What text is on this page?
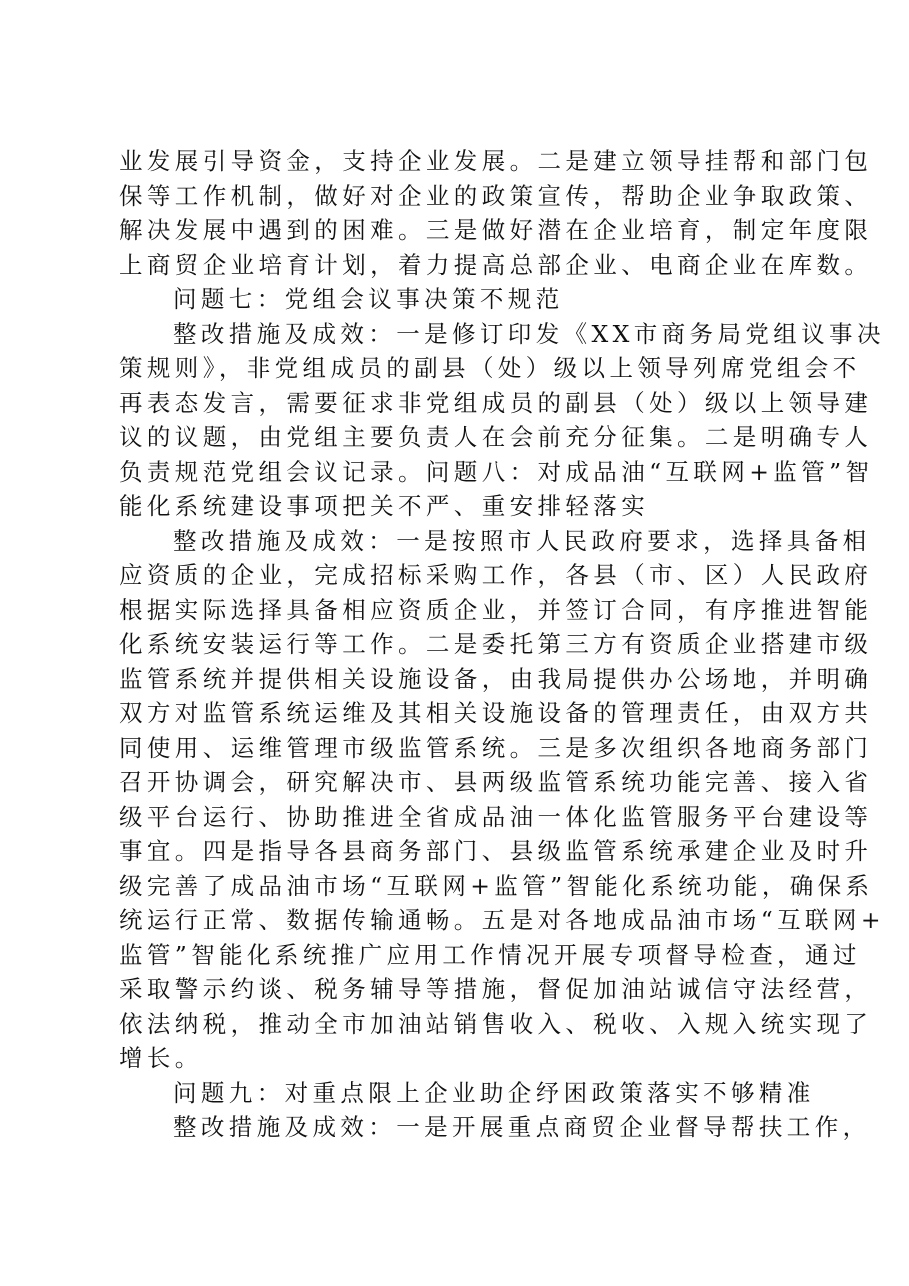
业发展引导资金，支持企业发展。二是建立领导挂帮和部门包
保等工作机制，做好对企业的政策宣传，帮助企业争取政策、
解决发展中遇到的困难。三是做好潜在企业培育，制定年度限
上商贸企业培育计划，着力提高总部企业、电商企业在库数。
问题七：党组会议事决策不规范
整改措施及成效：一是修订印发《XX市商务局党组议事决
策规则》，非党组成员的副县（处）级以上领导列席党组会不
再表态发言，需要征求非党组成员的副县（处）级以上领导建
议的议题，由党组主要负责人在会前充分征集。二是明确专人
负责规范党组会议记录。问题八：对成品油“互联网+监管”智
能化系统建设事项把关不严、重安排轻落实
整改措施及成效：一是按照市人民政府要求，选择具备相
应资质的企业，完成招标采购工作，各县（市、区）人民政府
根据实际选择具备相应资质企业，并签订合同，有序推进智能
化系统安装运行等工作。二是委托第三方有资质企业搭建市级
监管系统并提供相关设施设备，由我局提供办公场地，并明确
双方对监管系统运维及其相关设施设备的管理责任，由双方共
同使用、运维管理市级监管系统。三是多次组织各地商务部门
召开协调会，研究解决市、县两级监管系统功能完善、接入省
级平台运行、协助推进全省成品油一体化监管服务平台建设等
事宜。四是指导各县商务部门、县级监管系统承建企业及时升
级完善了成品油市场“互联网+监管”智能化系统功能，确保系
统运行正常、数据传输通畅。五是对各地成品油市场“互联网+
监管”智能化系统推广应用工作情况开展专项督导检查，通过
采取警示约谈、税务辅导等措施，督促加油站诚信守法经营，
依法纳税，推动全市加油站销售收入、税收、入规入统实现了
增长。
问题九：对重点限上企业助企纾困政策落实不够精准
整改措施及成效：一是开展重点商贸企业督导帮扶工作，
